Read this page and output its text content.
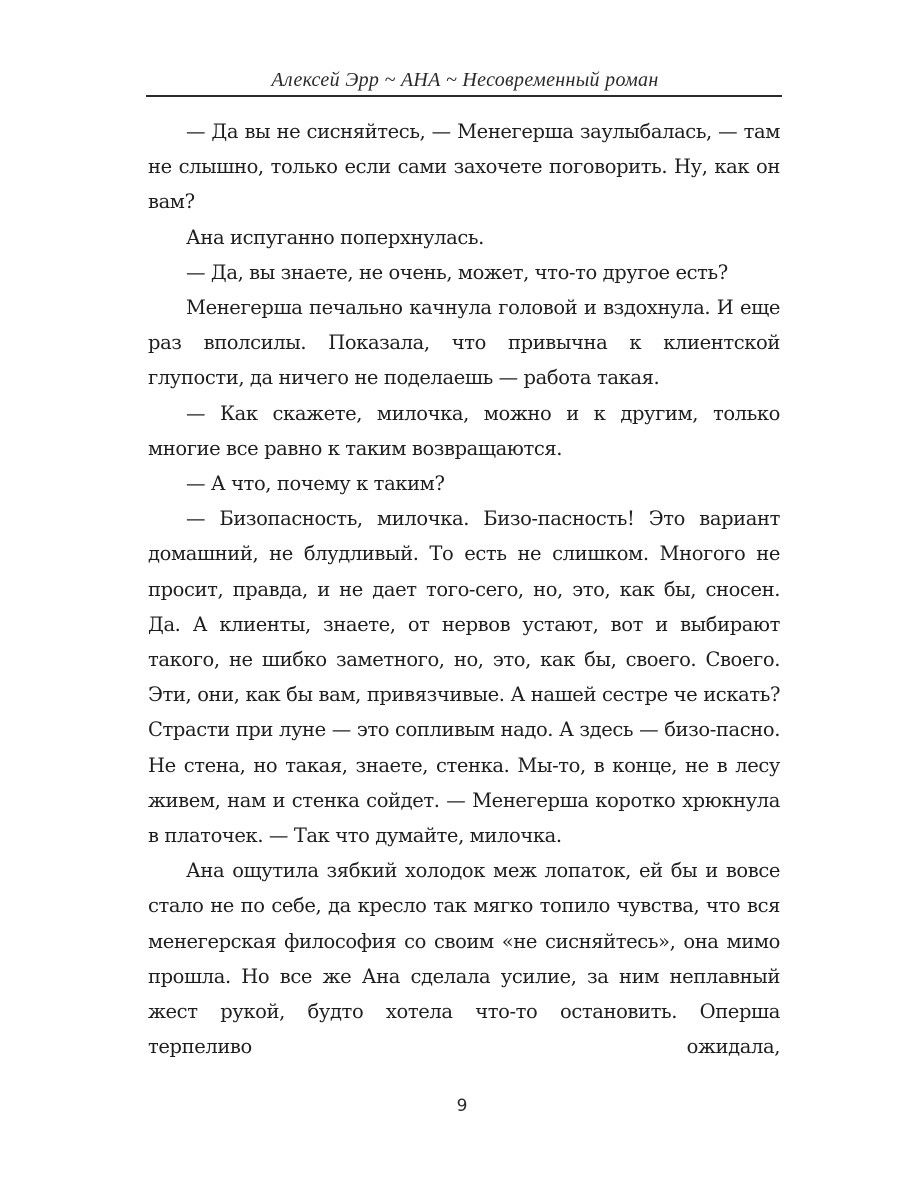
Алексей Эрр ~ АНА ~ Несовременный роман

— Да вы не сисняйтесь, — Менегерша заулыбалась, — там не слышно, только если сами захочете поговорить. Ну, как он вам?

Ана испуганно поперхнулась.

— Да, вы знаете, не очень, может, что-то другое есть?

Менегерша печально качнула головой и вздохнула. И еще раз вполсилы. Показала, что привычна к клиентской глупости, да ничего не поделаешь — работа такая.

— Как скажете, милочка, можно и к другим, только многие все равно к таким возвращаются.

— А что, почему к таким?

— Бизопасность, милочка. Бизо-пасность! Это вариант домашний, не блудливый. То есть не слишком. Многого не просит, правда, и не дает того-сего, но, это, как бы, сносен. Да. А клиенты, знаете, от нервов устают, вот и выбирают такого, не шибко заметного, но, это, как бы, своего. Своего. Эти, они, как бы вам, привязчивые. А нашей сестре че искать? Страсти при луне — это сопливым надо. А здесь — бизо-пасно. Не стена, но такая, знаете, стенка. Мы-то, в конце, не в лесу живем, нам и стенка сойдет. — Менегерша коротко хрюкнула в платочек. — Так что думайте, милочка.

Ана ощутила зябкий холодок меж лопаток, ей бы и вовсе стало не по себе, да кресло так мягко топило чувства, что вся менегерская философия со своим «не сисняйтесь», она мимо прошла. Но все же Ана сделала усилие, за ним неплавный жест рукой, будто хотела что-то остановить. Оперша терпеливо ожидала,

9
